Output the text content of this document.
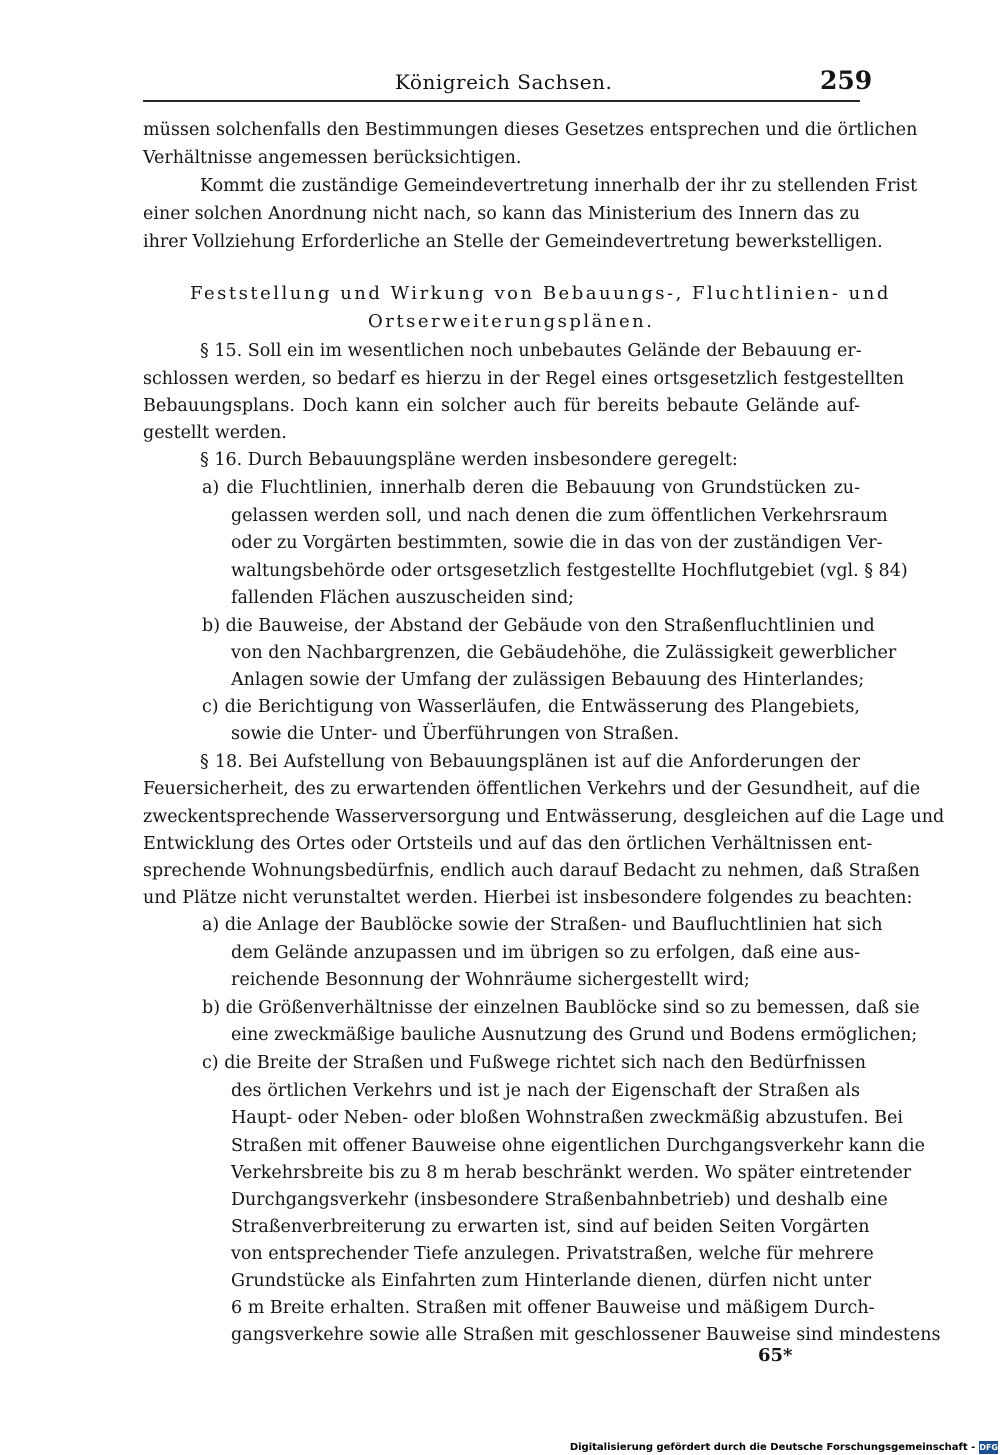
Königreich Sachsen.	259
müssen solchenfalls den Bestimmungen dieses Gesetzes entsprechen und die örtlichen
Verhältnisse angemessen berücksichtigen.
Kommt die zuständige Gemeindevertretung innerhalb der ihr zu stellenden Frist
einer solchen Anordnung nicht nach, so kann das Ministerium des Innern das zu
ihrer Vollziehung Erforderliche an Stelle der Gemeindevertretung bewerkstelligen.
Feststellung und Wirkung von Bebauungs-, Fluchtlinien- und
Ortserweiterungsplänen.
§ 15. Soll ein im wesentlichen noch unbebautes Gelände der Bebauung er-
schlossen werden, so bedarf es hierzu in der Regel eines ortsgesetzlich festgestellten
Bebauungsplans. Doch kann ein solcher auch für bereits bebaute Gelände auf-
gestellt werden.
§ 16. Durch Bebauungspläne werden insbesondere geregelt:
a) die Fluchtlinien, innerhalb deren die Bebauung von Grundstücken zu-
gelassen werden soll, und nach denen die zum öffentlichen Verkehrsraum
oder zu Vorgärten bestimmten, sowie die in das von der zuständigen Ver-
waltungsbehörde oder ortsgesetzlich festgestellte Hochflutgebiet (vgl. § 84)
fallenden Flächen auszuscheiden sind;
b) die Bauweise, der Abstand der Gebäude von den Straßenfluchtlinien und
von den Nachbargrenzen, die Gebäudehöhe, die Zulässigkeit gewerblicher
Anlagen sowie der Umfang der zulässigen Bebauung des Hinterlandes;
c) die Berichtigung von Wasserläufen, die Entwässerung des Plangebiets,
sowie die Unter- und Überführungen von Straßen.
§ 18. Bei Aufstellung von Bebauungsplänen ist auf die Anforderungen der
Feuersicherheit, des zu erwartenden öffentlichen Verkehrs und der Gesundheit, auf die
zweckentsprechende Wasserversorgung und Entwässerung, desgleichen auf die Lage und
Entwicklung des Ortes oder Ortsteils und auf das den örtlichen Verhältnissen ent-
sprechende Wohnungsbedürfnis, endlich auch darauf Bedacht zu nehmen, daß Straßen
und Plätze nicht verunstaltet werden. Hierbei ist insbesondere folgendes zu beachten:
a) die Anlage der Baublöcke sowie der Straßen- und Baufluchtlinien hat sich
dem Gelände anzupassen und im übrigen so zu erfolgen, daß eine aus-
reichende Besonnung der Wohnräume sichergestellt wird;
b) die Größenverhältnisse der einzelnen Baublöcke sind so zu bemessen, daß sie
eine zweckmäßige bauliche Ausnutzung des Grund und Bodens ermöglichen;
c) die Breite der Straßen und Fußwege richtet sich nach den Bedürfnissen
des örtlichen Verkehrs und ist je nach der Eigenschaft der Straßen als
Haupt- oder Neben- oder bloßen Wohnstraßen zweckmäßig abzustufen. Bei
Straßen mit offener Bauweise ohne eigentlichen Durchgangsverkehr kann die
Verkehrsbreite bis zu 8 m herab beschränkt werden. Wo später eintretender
Durchgangsverkehr (insbesondere Straßenbahnbetrieb) und deshalb eine
Straßenverbreiterung zu erwarten ist, sind auf beiden Seiten Vorgärten
von entsprechender Tiefe anzulegen. Privatstraßen, welche für mehrere
Grundstücke als Einfahrten zum Hinterlande dienen, dürfen nicht unter
6 m Breite erhalten. Straßen mit offener Bauweise und mäßigem Durch-
gangsverkehre sowie alle Straßen mit geschlossener Bauweise sind mindestens
65*
Digitalisierung gefördert durch die Deutsche Forschungsgemeinschaft - DFG
